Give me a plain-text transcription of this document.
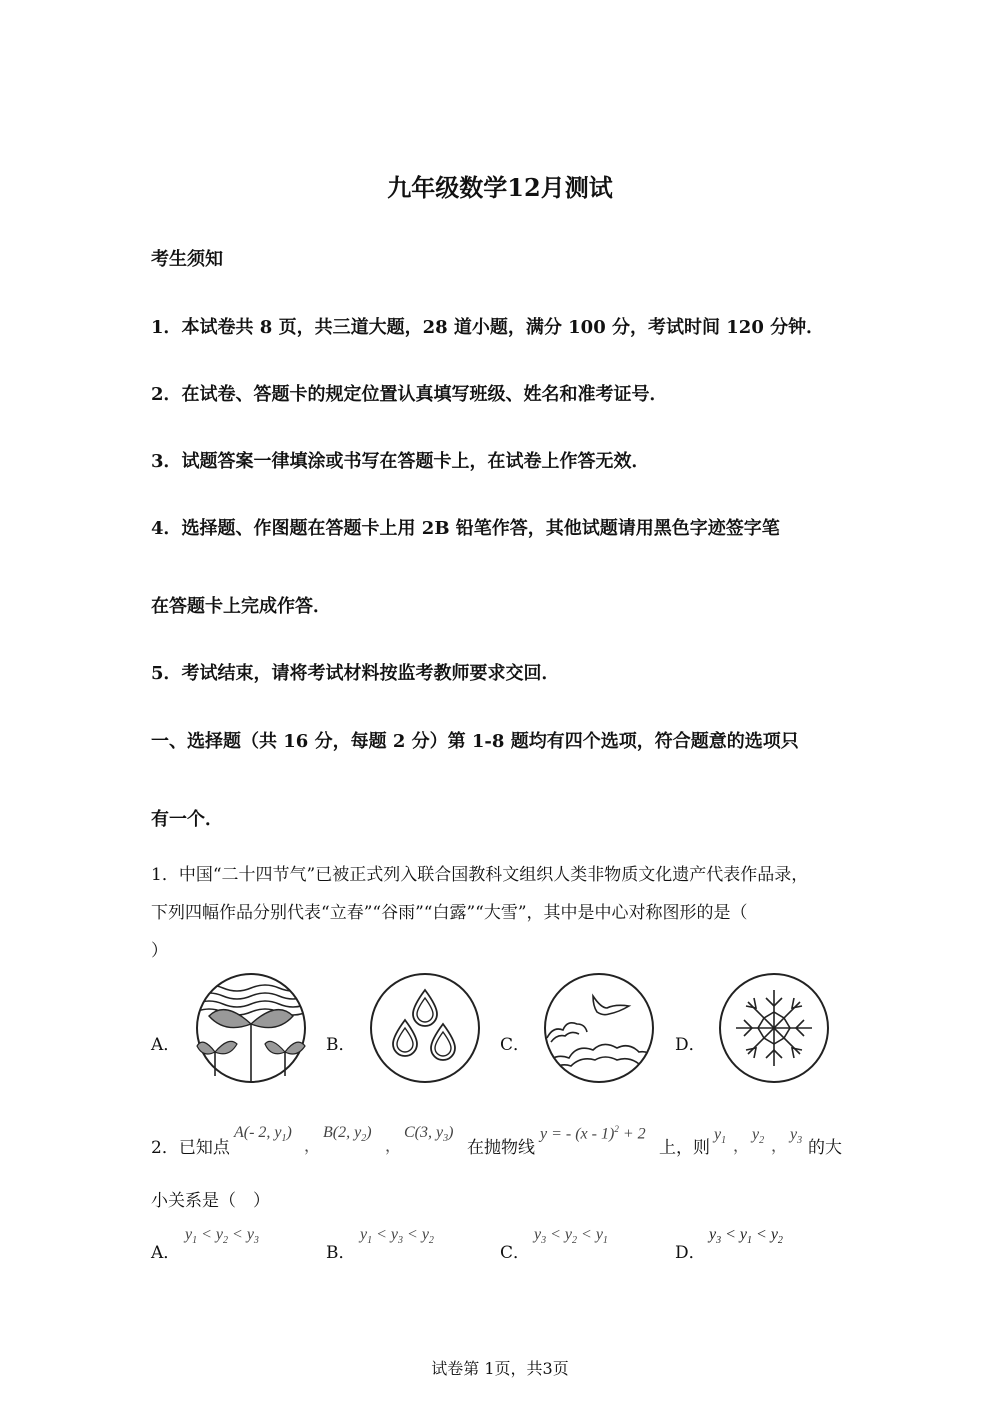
九年级数学12月测试
考生须知
1．本试卷共 8 页，共三道大题，28 道小题，满分 100 分，考试时间 120 分钟．
2．在试卷、答题卡的规定位置认真填写班级、姓名和准考证号．
3．试题答案一律填涂或书写在答题卡上，在试卷上作答无效．
4．选择题、作图题在答题卡上用 2B 铅笔作答，其他试题请用黑色字迹签字笔
在答题卡上完成作答．
5．考试结束，请将考试材料按监考教师要求交回．
一、选择题（共 16 分，每题 2 分）第 1-8 题均有四个选项，符合题意的选项只
有一个．
1．中国“二十四节气”已被正式列入联合国教科文组织人类非物质文化遗产代表作品录，
下列四幅作品分别代表“立春”“谷雨”“白露”“大雪”，其中是中心对称图形的是（
）
A．	B．	C．	D．
2．已知点
A(- 2, $y_1$)
，
B(2, $y_2$)
，
C(3, $y_3$)
在抛物线
y = - (x - 1)$^2$ + 2
上，则
$y_1$ ，
$y_2$ ，
$y_3$ 的大
小关系是（　）
A．
$y_1 < y_2 < y_3$
B．
$y_1 < y_3 < y_2$
C．
$y_3 < y_2 < y_1$
D．
$y_3 < y_1 < y_2$
试卷第 1页，共3页
